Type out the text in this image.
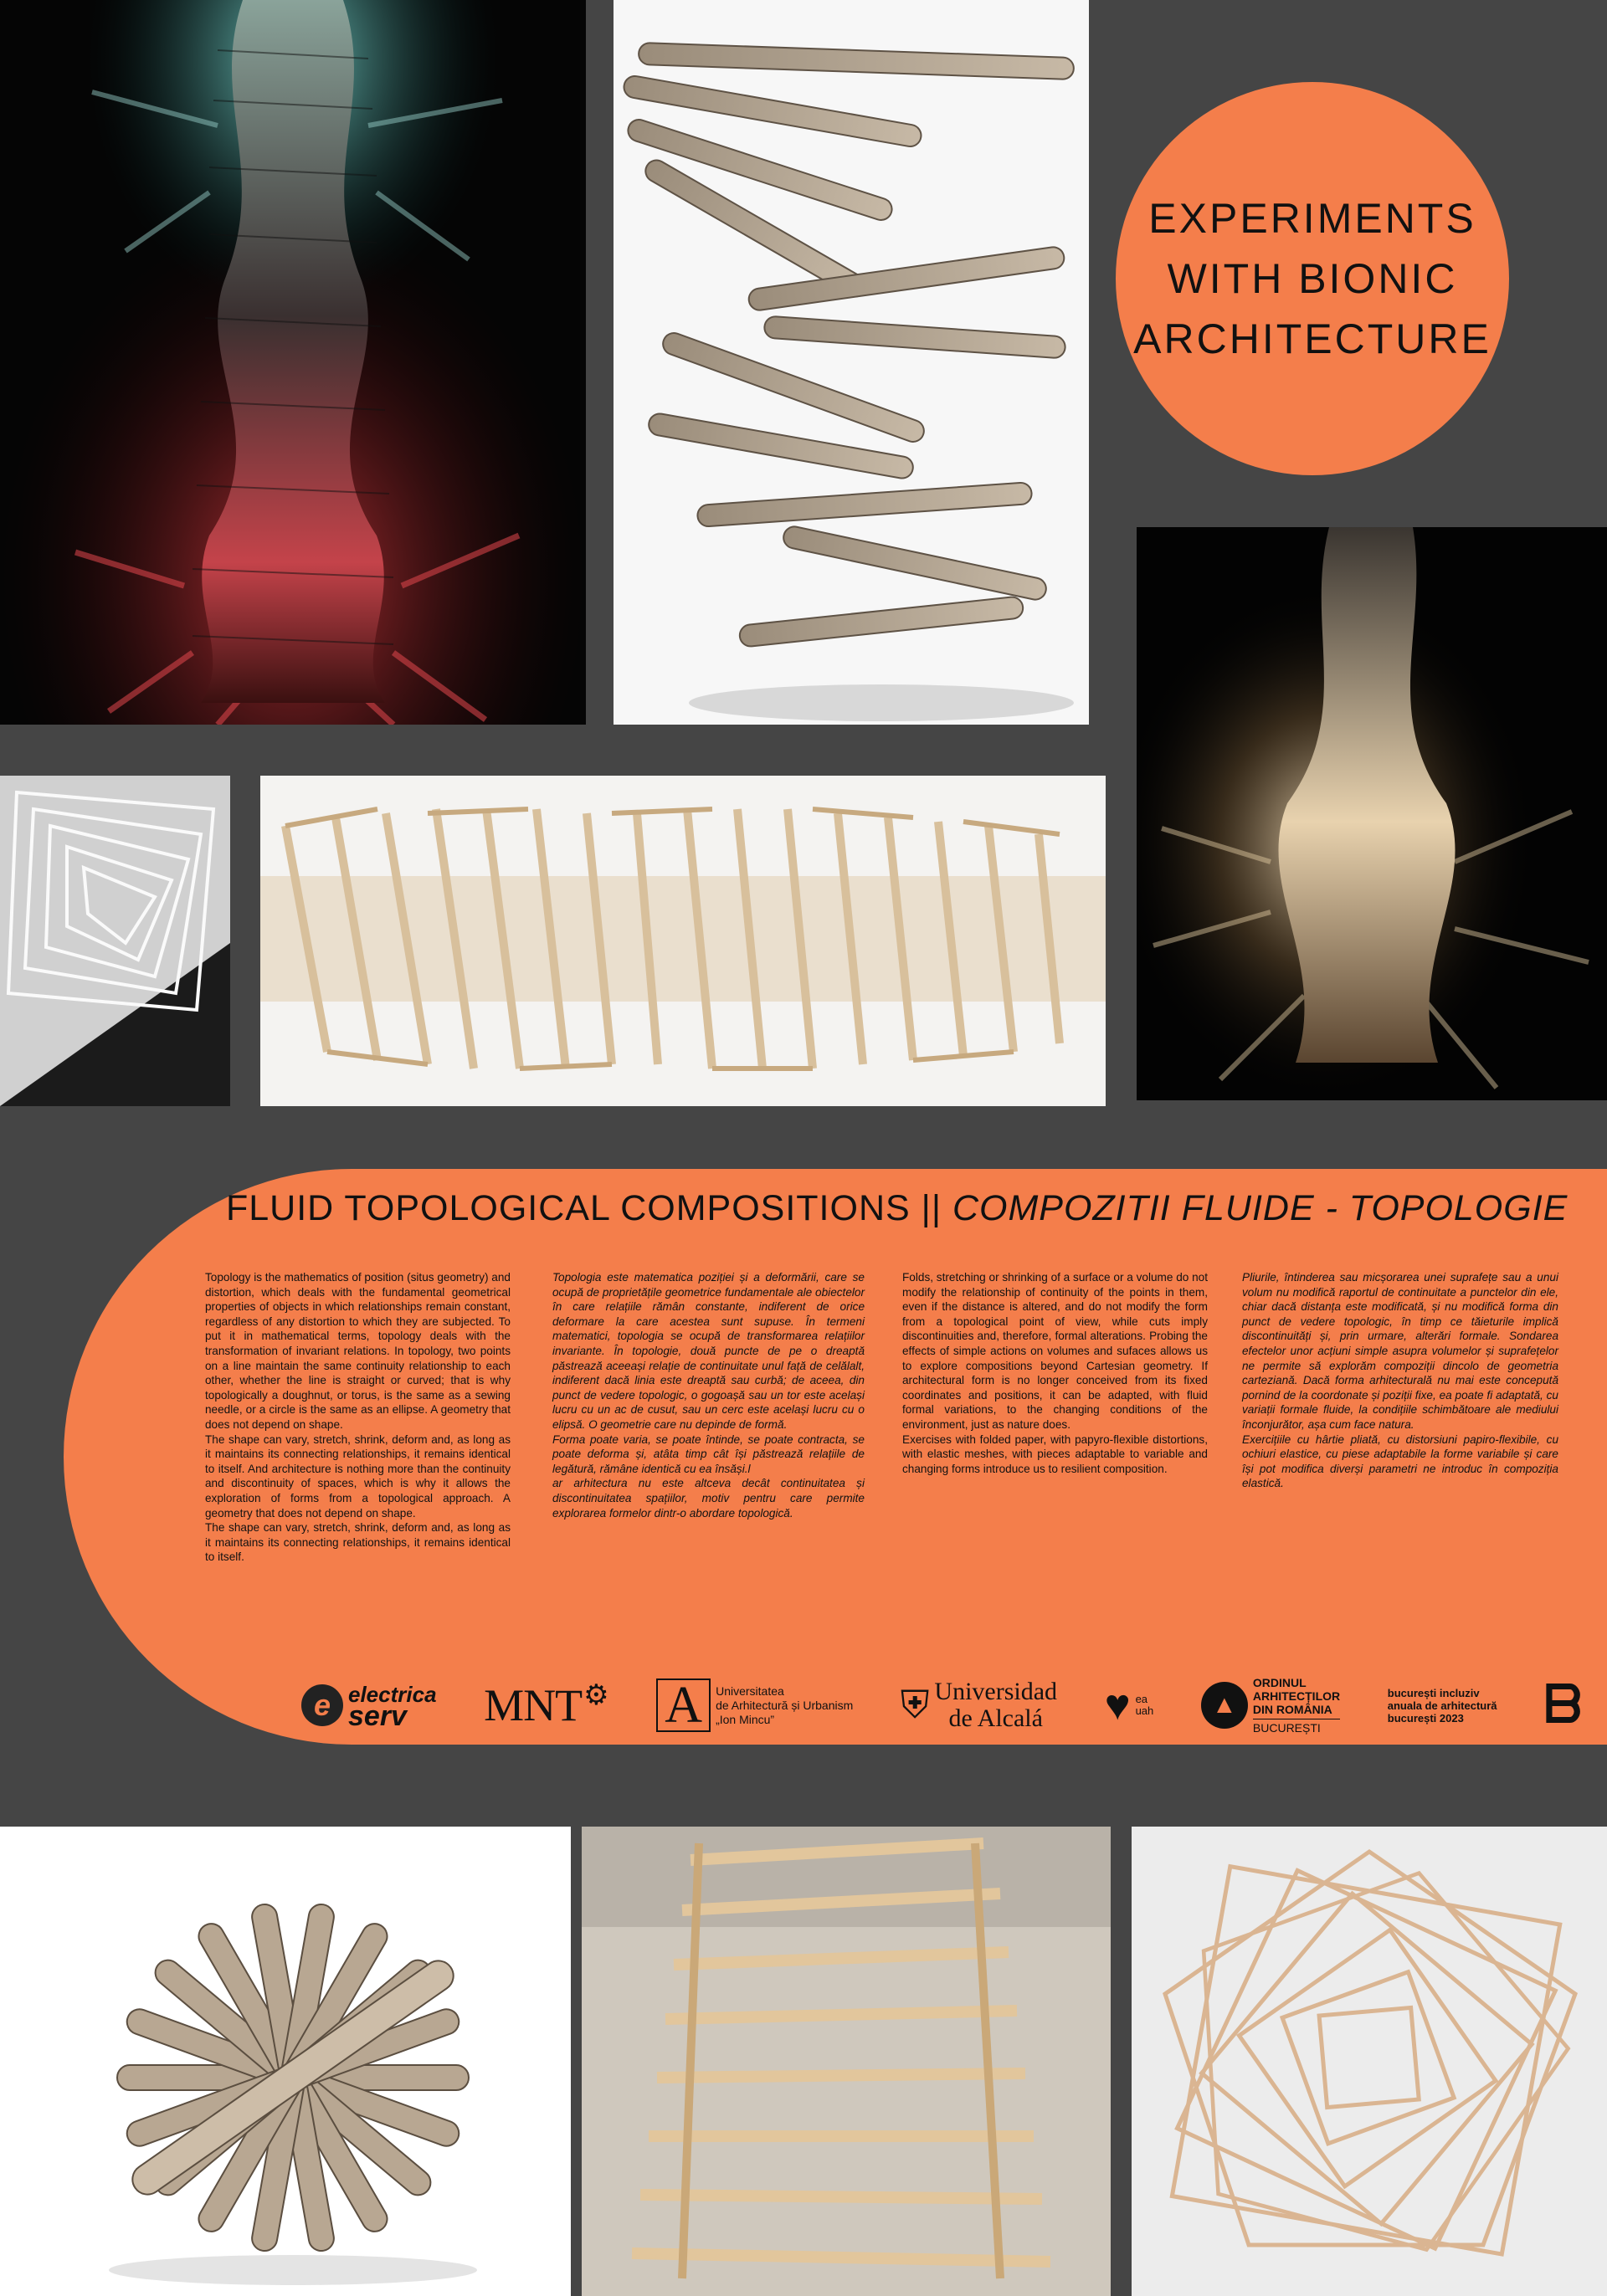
EXPERIMENTS
WITH BIONIC
ARCHITECTURE
FLUID TOPOLOGICAL COMPOSITIONS || COMPOZITII FLUIDE - TOPOLOGIE

Topology is the mathematics of position (situs geometry) and distortion, which deals with the fundamental geometrical properties of objects in which relationships remain constant, regardless of any distortion to which they are subjected. To put it in mathematical terms, topology deals with the transformation of invariant relations. In topology, two points on a line maintain the same continuity relationship to each other, whether the line is straight or curved; that is why topologically a doughnut, or torus, is the same as a sewing needle, or a circle is the same as an ellipse. A geometry that does not depend on shape.

The shape can vary, stretch, shrink, deform and, as long as it maintains its connecting relationships, it remains identical to itself. And architecture is nothing more than the continuity and discontinuity of spaces, which is why it allows the exploration of forms from a topological approach. A geometry that does not depend on shape.

The shape can vary, stretch, shrink, deform and, as long as it maintains its connecting relationships, it remains identical to itself.

Topologia este matematica poziției și a deformării, care se ocupă de proprietățile geometrice fundamentale ale obiectelor în care relațiile rămân constante, indiferent de orice deformare la care acestea sunt supuse. În termeni matematici, topologia se ocupă de transformarea relațiilor invariante. În topologie, două puncte de pe o dreaptă păstrează aceeași relație de continuitate unul față de celălalt, indiferent dacă linia este dreaptă sau curbă; de aceea, din punct de vedere topologic, o gogoașă sau un tor este același lucru cu un ac de cusut, sau un cerc este același lucru cu o elipsă. O geometrie care nu depinde de formă.

Forma poate varia, se poate întinde, se poate contracta, se poate deforma și, atâta timp cât își păstrează relațiile de legătură, rămâne identică cu ea însăși.l

ar arhitectura nu este altceva decât continuitatea și discontinuitatea spațiilor, motiv pentru care permite explorarea formelor dintr-o abordare topologică.

Folds, stretching or shrinking of a surface or a volume do not modify the relationship of continuity of the points in them, even if the distance is altered, and do not modify the form from a topological point of view, while cuts imply discontinuities and, therefore, formal alterations. Probing the effects of simple actions on volumes and sufaces allows us to explore compositions beyond Cartesian geometry. If architectural form is no longer conceived from its fixed coordinates and positions, it can be adapted, with fluid formal variations, to the changing conditions of the environment, just as nature does.

Exercises with folded paper, with papyro-flexible distortions, with elastic meshes, with pieces adaptable to variable and changing forms introduce us to resilient composition.

Pliurile, întinderea sau micșorarea unei suprafețe sau a unui volum nu modifică raportul de continuitate a punctelor din ele, chiar dacă distanța este modificată, și nu modifică forma din punct de vedere topologic, în timp ce tăieturile implică discontinuități și, prin urmare, alterări formale. Sondarea efectelor unor acțiuni simple asupra volumelor și suprafețelor ne permite să explorăm compoziții dincolo de geometria carteziană. Dacă forma arhitecturală nu mai este concepută pornind de la coordonate și poziții fixe, ea poate fi adaptată, cu variații formale fluide, la condițiile schimbătoare ale mediului înconjurător, așa cum face natura.

Exercițiile cu hârtie pliată, cu distorsiuni papiro-flexibile, cu ochiuri elastice, cu piese adaptabile la forme variabile și care își pot modifica diverși parametri ne introduc în compoziția elastică.

e electrica
serv	MNT ⚙ A	Universitatea
de Arhitectură și Urbanism
„Ion Mincu”	⛨ Universidad
de Alcalá	♥ ea
uah	▲
ORDINUL
ARHITECȚILOR
DIN ROMÂNIA
BUCUREȘTI
bucurești incluziv
anuala de arhitectură
bucurești 2023	ᗷ
